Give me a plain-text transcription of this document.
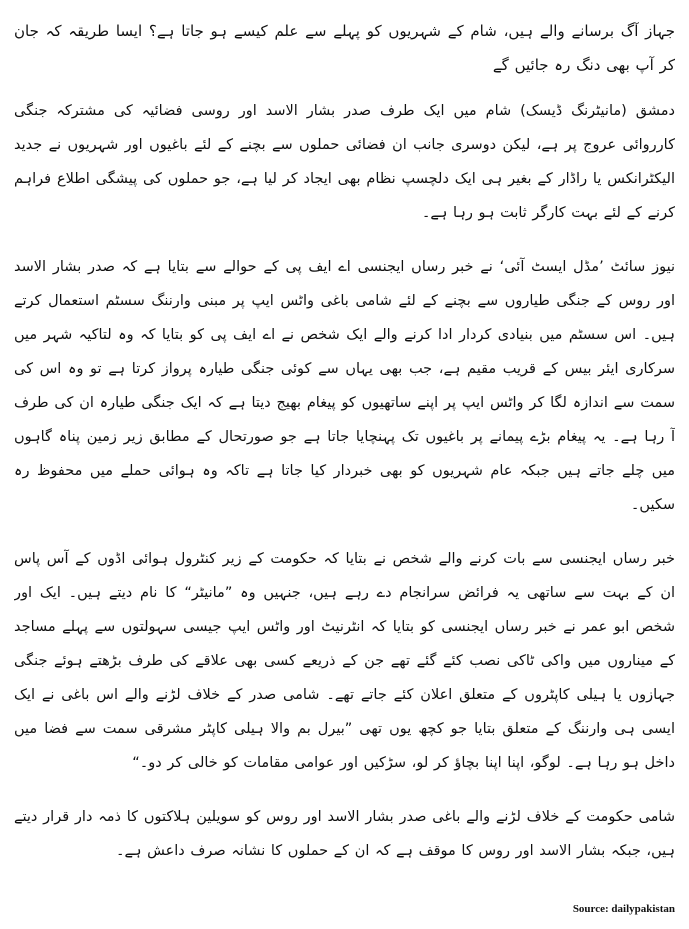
جہاز آگ برسانے والے ہیں، شام کے شہریوں کو پہلے سے علم کیسے ہو جاتا ہے؟ ایسا طریقہ کہ جان کر آپ بھی دنگ رہ جائیں گے

دمشق (مانیٹرنگ ڈیسک) شام میں ایک طرف صدر بشار الاسد اور روسی فضائیہ کی مشترکہ جنگی کارروائی عروج پر ہے، لیکن دوسری جانب ان فضائی حملوں سے بچنے کے لئے باغیوں اور شہریوں نے جدید الیکٹرانکس یا راڈار کے بغیر ہی ایک دلچسپ نظام بھی ایجاد کر لیا ہے، جو حملوں کی پیشگی اطلاع فراہم کرنے کے لئے بہت کارگر ثابت ہو رہا ہے۔

نیوز سائٹ ’مڈل ایسٹ آئی‘ نے خبر رساں ایجنسی اے ایف پی کے حوالے سے بتایا ہے کہ صدر بشار الاسد اور روس کے جنگی طیاروں سے بچنے کے لئے شامی باغی واٹس ایپ پر مبنی وارننگ سسٹم استعمال کرتے ہیں۔ اس سسٹم میں بنیادی کردار ادا کرنے والے ایک شخص نے اے ایف پی کو بتایا کہ وہ لتاکیہ شہر میں سرکاری ایئر بیس کے قریب مقیم ہے، جب بھی یہاں سے کوئی جنگی طیارہ پرواز کرتا ہے تو وہ اس کی سمت سے اندازہ لگا کر واٹس ایپ پر اپنے ساتھیوں کو پیغام بھیج دیتا ہے کہ ایک جنگی طیارہ ان کی طرف آ رہا ہے۔ یہ پیغام بڑے پیمانے پر باغیوں تک پہنچایا جاتا ہے جو صورتحال کے مطابق زیر زمین پناہ گاہوں میں چلے جاتے ہیں جبکہ عام شہریوں کو بھی خبردار کیا جاتا ہے تاکہ وہ ہوائی حملے میں محفوظ رہ سکیں۔

خبر رساں ایجنسی سے بات کرنے والے شخص نے بتایا کہ حکومت کے زیر کنٹرول ہوائی اڈوں کے آس پاس ان کے بہت سے ساتھی یہ فرائض سرانجام دے رہے ہیں، جنہیں وہ ”مانیٹر“ کا نام دیتے ہیں۔ ایک اور شخص ابو عمر نے خبر رساں ایجنسی کو بتایا کہ انٹرنیٹ اور واٹس ایپ جیسی سہولتوں سے پہلے مساجد کے میناروں میں واکی ٹاکی نصب کئے گئے تھے جن کے ذریعے کسی بھی علاقے کی طرف بڑھتے ہوئے جنگی جہازوں یا ہیلی کاپٹروں کے متعلق اعلان کئے جاتے تھے۔ شامی صدر کے خلاف لڑنے والے اس باغی نے ایک ایسی ہی وارننگ کے متعلق بتایا جو کچھ یوں تھی ”بیرل بم والا ہیلی کاپٹر مشرقی سمت سے فضا میں داخل ہو رہا ہے۔ لوگو، اپنا اپنا بچاؤ کر لو، سڑکیں اور عوامی مقامات کو خالی کر دو۔“

شامی حکومت کے خلاف لڑنے والے باغی صدر بشار الاسد اور روس کو سویلین ہلاکتوں کا ذمہ دار قرار دیتے ہیں، جبکہ بشار الاسد اور روس کا موقف ہے کہ ان کے حملوں کا نشانہ صرف داعش ہے۔

Source: dailypakistan
